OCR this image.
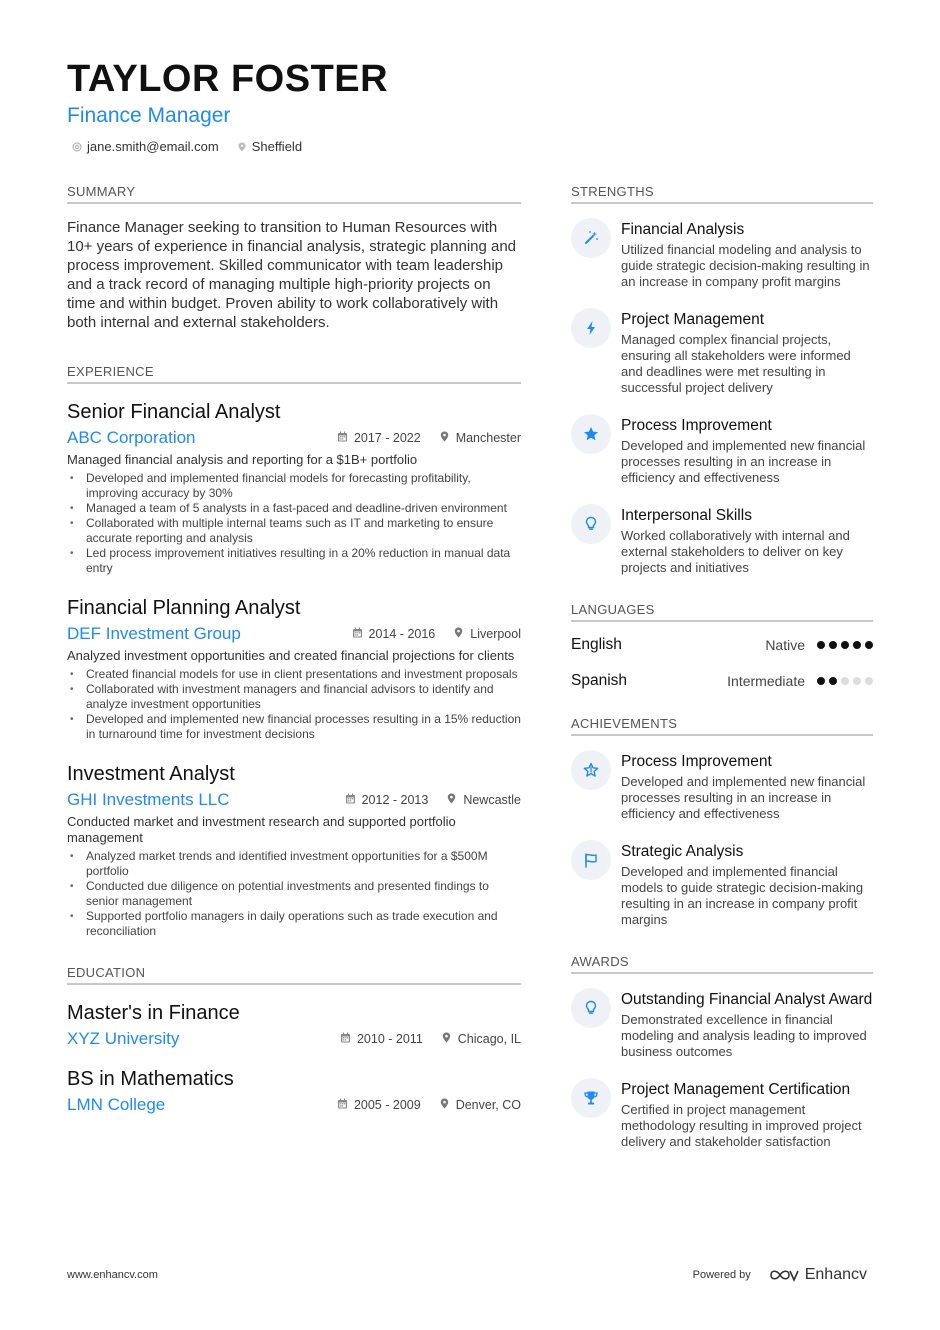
TAYLOR FOSTER
Finance Manager
jane.smith@email.com	Sheffield
SUMMARY
Finance Manager seeking to transition to Human Resources with 10+ years of experience in financial analysis, strategic planning and process improvement. Skilled communicator with team leadership and a track record of managing multiple high-priority projects on time and within budget. Proven ability to work collaboratively with both internal and external stakeholders.
EXPERIENCE
Senior Financial Analyst
ABC Corporation	2017 - 2022	Manchester
Managed financial analysis and reporting for a $1B+ portfolio
• Developed and implemented financial models for forecasting profitability, improving accuracy by 30%
• Managed a team of 5 analysts in a fast-paced and deadline-driven environment
• Collaborated with multiple internal teams such as IT and marketing to ensure accurate reporting and analysis
• Led process improvement initiatives resulting in a 20% reduction in manual data entry
Financial Planning Analyst
DEF Investment Group	2014 - 2016	Liverpool
Analyzed investment opportunities and created financial projections for clients
• Created financial models for use in client presentations and investment proposals
• Collaborated with investment managers and financial advisors to identify and analyze investment opportunities
• Developed and implemented new financial processes resulting in a 15% reduction in turnaround time for investment decisions
Investment Analyst
GHI Investments LLC	2012 - 2013	Newcastle
Conducted market and investment research and supported portfolio management
• Analyzed market trends and identified investment opportunities for a $500M portfolio
• Conducted due diligence on potential investments and presented findings to senior management
• Supported portfolio managers in daily operations such as trade execution and reconciliation
EDUCATION
Master's in Finance
XYZ University	2010 - 2011	Chicago, IL
BS in Mathematics
LMN College	2005 - 2009	Denver, CO
STRENGTHS
Financial Analysis
Utilized financial modeling and analysis to guide strategic decision-making resulting in an increase in company profit margins
Project Management
Managed complex financial projects, ensuring all stakeholders were informed and deadlines were met resulting in successful project delivery
Process Improvement
Developed and implemented new financial processes resulting in an increase in efficiency and effectiveness
Interpersonal Skills
Worked collaboratively with internal and external stakeholders to deliver on key projects and initiatives
LANGUAGES
English	Native
Spanish	Intermediate
ACHIEVEMENTS
Process Improvement
Developed and implemented new financial processes resulting in an increase in efficiency and effectiveness
Strategic Analysis
Developed and implemented financial models to guide strategic decision-making resulting in an increase in company profit margins
AWARDS
Outstanding Financial Analyst Award
Demonstrated excellence in financial modeling and analysis leading to improved business outcomes
Project Management Certification
Certified in project management methodology resulting in improved project delivery and stakeholder satisfaction
www.enhancv.com	Powered by	Enhancv
